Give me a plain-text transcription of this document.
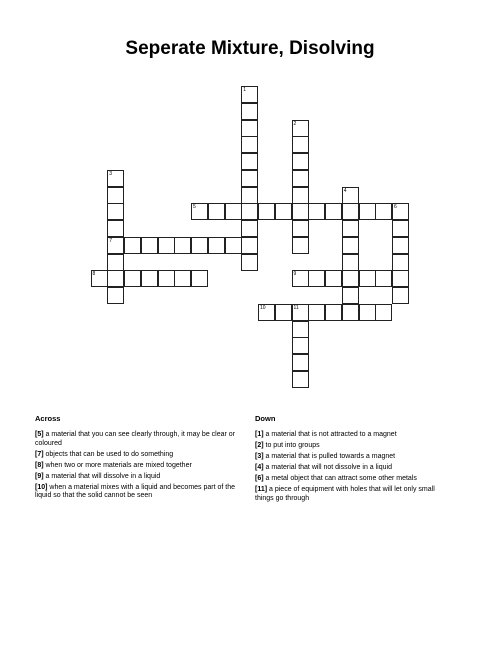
Seperate Mixture, Disolving
1
2
3
7
4
5	6
8	9
10	11
Across
[5] a material that you can see clearly through, it may be clear or coloured
[7] objects that can be used to do something
[8] when two or more materials are mixed together
[9] a material that will dissolve in a liquid
[10] when a material mixes with a liquid and becomes part of the liquid so that the solid cannot be seen
Down
[1] a material that is not attracted to a magnet
[2] to put into groups
[3] a material that is pulled towards a magnet
[4] a material that will not dissolve in a liquid
[6] a metal object that can attract some other metals
[11] a piece of equipment with holes that will let only small things go through
